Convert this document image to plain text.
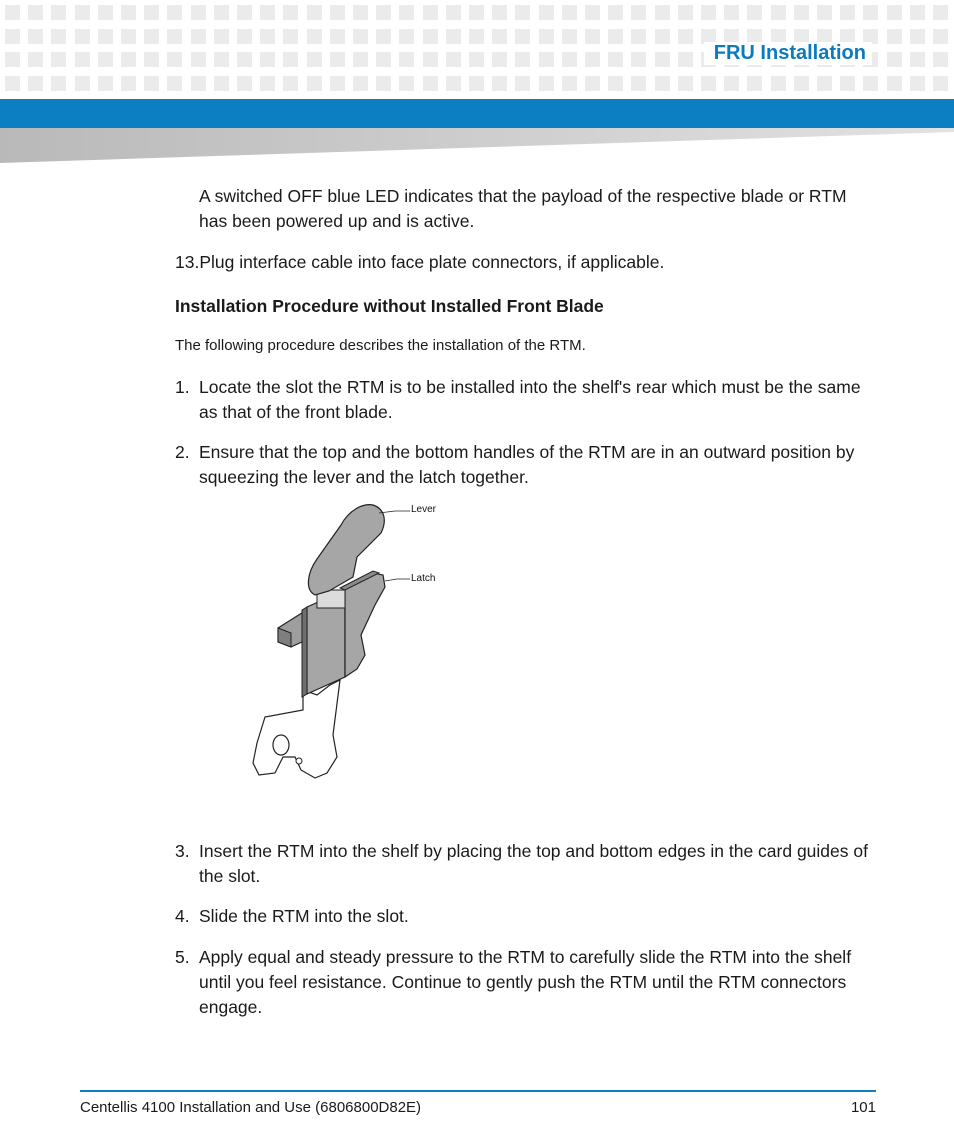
FRU Installation
A switched OFF blue LED indicates that the payload of the respective blade or RTM has been powered up and is active.
13.Plug interface cable into face plate connectors, if applicable.
Installation Procedure without Installed Front Blade
The following procedure describes the installation of the RTM.
1. Locate the slot the RTM is to be installed into the shelf's rear which must be the same as that of the front blade.
2. Ensure that the top and the bottom handles of the RTM are in an outward position by squeezing the lever and the latch together.
Lever
Latch
3. Insert the RTM into the shelf by placing the top and bottom edges in the card guides of the slot.
4. Slide the RTM into the slot.
5. Apply equal and steady pressure to the RTM to carefully slide the RTM into the shelf until you feel resistance. Continue to gently push the RTM until the RTM connectors engage.
Centellis 4100 Installation and Use (6806800D82E)	101
